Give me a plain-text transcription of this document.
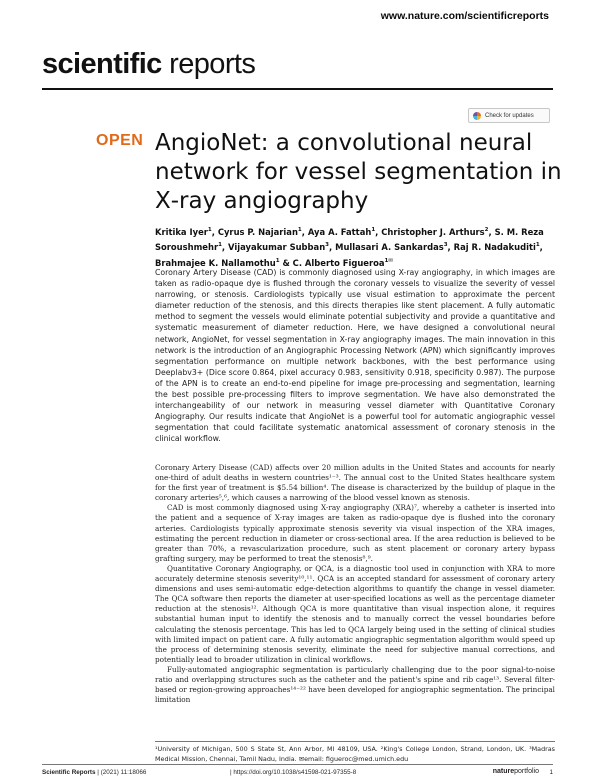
www.nature.com/scientificreports
scientific reports
Check for updates
OPEN AngioNet: a convolutional neural network for vessel segmentation in X‑ray angiography
Kritika Iyer$^1$, Cyrus P. Najarian$^1$, Aya A. Fattah$^1$, Christopher J. Arthurs$^2$, S. M. Reza Soroushmehr$^1$, Vijayakumar Subban$^3$, Mullasari A. Sankardas$^3$, Raj R. Nadakuditi$^1$, Brahmajee K. Nallamothu$^1$ & C. Alberto Figueroa$^{1✉}$

Coronary Artery Disease (CAD) is commonly diagnosed using X-ray angiography, in which images are taken as radio-opaque dye is flushed through the coronary vessels to visualize the severity of vessel narrowing, or stenosis. Cardiologists typically use visual estimation to approximate the percent diameter reduction of the stenosis, and this directs therapies like stent placement. A fully automatic method to segment the vessels would eliminate potential subjectivity and provide a quantitative and systematic measurement of diameter reduction. Here, we have designed a convolutional neural network, AngioNet, for vessel segmentation in X-ray angiography images. The main innovation in this network is the introduction of an Angiographic Processing Network (APN) which significantly improves segmentation performance on multiple network backbones, with the best performance using Deeplabv3+ (Dice score 0.864, pixel accuracy 0.983, sensitivity 0.918, specificity 0.987). The purpose of the APN is to create an end-to-end pipeline for image pre-processing and segmentation, learning the best possible pre-processing filters to improve segmentation. We have also demonstrated the interchangeability of our network in measuring vessel diameter with Quantitative Coronary Angiography. Our results indicate that AngioNet is a powerful tool for automatic angiographic vessel segmentation that could facilitate systematic anatomical assessment of coronary stenosis in the clinical workflow.

Coronary Artery Disease (CAD) affects over 20 million adults in the United States and accounts for nearly one-third of adult deaths in western countries¹⁻³. The annual cost to the United States healthcare system for the first year of treatment is $5.54 billion⁴. The disease is characterized by the buildup of plaque in the coronary arteries⁵,⁶, which causes a narrowing of the blood vessel known as stenosis.

CAD is most commonly diagnosed using X-ray angiography (XRA)⁷, whereby a catheter is inserted into the patient and a sequence of X-ray images are taken as radio-opaque dye is flushed into the coronary arteries. Cardiologists typically approximate stenosis severity via visual inspection of the XRA images, estimating the percent reduction in diameter or cross-sectional area. If the area reduction is believed to be greater than 70%, a revascularization procedure, such as stent placement or coronary artery bypass grafting surgery, may be performed to treat the stenosis⁸,⁹.

Quantitative Coronary Angiography, or QCA, is a diagnostic tool used in conjunction with XRA to more accurately determine stenosis severity¹⁰,¹¹. QCA is an accepted standard for assessment of coronary artery dimensions and uses semi-automatic edge-detection algorithms to quantify the change in vessel diameter. The QCA software then reports the diameter at user-specified locations as well as the percentage diameter reduction at the stenosis¹². Although QCA is more quantitative than visual inspection alone, it requires substantial human input to identify the stenosis and to manually correct the vessel boundaries before calculating the stenosis percentage. This has led to QCA largely being used in the setting of clinical studies with limited impact on patient care. A fully automatic angiographic segmentation algorithm would speed up the process of determining stenosis severity, eliminate the need for subjective manual corrections, and potentially lead to broader utilization in clinical workflows.

Fully-automated angiographic segmentation is particularly challenging due to the poor signal-to-noise ratio and overlapping structures such as the catheter and the patient's spine and rib cage¹³. Several filter-based or region-growing approaches¹⁴⁻²² have been developed for angiographic segmentation. The principal limitation

¹University of Michigan, 500 S State St, Ann Arbor, MI 48109, USA. ²King's College London, Strand, London, UK. ³Madras Medical Mission, Chennai, Tamil Nadu, India. ✉email: figueroc@med.umich.edu

Scientific Reports | (2021) 11:18066	| https://doi.org/10.1038/s41598-021-97355-8	natureportfolio 1
